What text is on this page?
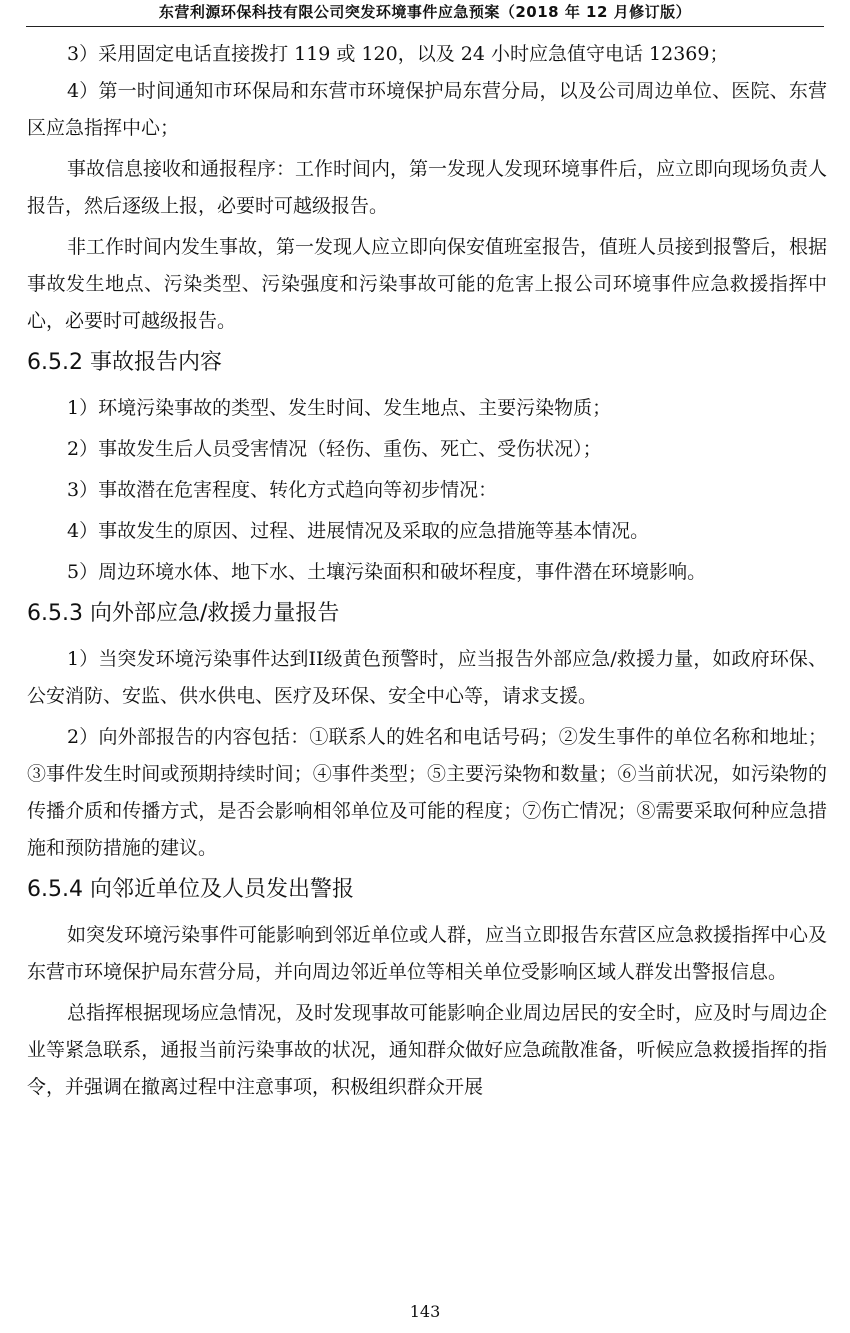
东营利源环保科技有限公司突发环境事件应急预案（2018 年 12 月修订版）

3）采用固定电话直接拨打 119 或 120，以及 24 小时应急值守电话 12369；

4）第一时间通知市环保局和东营市环境保护局东营分局，以及公司周边单位、医院、东营区应急指挥中心；

事故信息接收和通报程序：工作时间内，第一发现人发现环境事件后，应立即向现场负责人报告，然后逐级上报，必要时可越级报告。

非工作时间内发生事故，第一发现人应立即向保安值班室报告，值班人员接到报警后，根据事故发生地点、污染类型、污染强度和污染事故可能的危害上报公司环境事件应急救援指挥中心，必要时可越级报告。

6.5.2 事故报告内容

1）环境污染事故的类型、发生时间、发生地点、主要污染物质；

2）事故发生后人员受害情况（轻伤、重伤、死亡、受伤状况）；

3）事故潜在危害程度、转化方式趋向等初步情况：

4）事故发生的原因、过程、进展情况及采取的应急措施等基本情况。

5）周边环境水体、地下水、土壤污染面积和破坏程度，事件潜在环境影响。

6.5.3 向外部应急/救援力量报告

1）当突发环境污染事件达到II级黄色预警时，应当报告外部应急/救援力量，如政府环保、公安消防、安监、供水供电、医疗及环保、安全中心等，请求支援。

2）向外部报告的内容包括：①联系人的姓名和电话号码；②发生事件的单位名称和地址；③事件发生时间或预期持续时间；④事件类型；⑤主要污染物和数量；⑥当前状况，如污染物的传播介质和传播方式，是否会影响相邻单位及可能的程度；⑦伤亡情况；⑧需要采取何种应急措施和预防措施的建议。

6.5.4 向邻近单位及人员发出警报

如突发环境污染事件可能影响到邻近单位或人群，应当立即报告东营区应急救援指挥中心及东营市环境保护局东营分局，并向周边邻近单位等相关单位受影响区域人群发出警报信息。

总指挥根据现场应急情况，及时发现事故可能影响企业周边居民的安全时，应及时与周边企业等紧急联系，通报当前污染事故的状况，通知群众做好应急疏散准备，听候应急救援指挥的指令，并强调在撤离过程中注意事项，积极组织群众开展

143
